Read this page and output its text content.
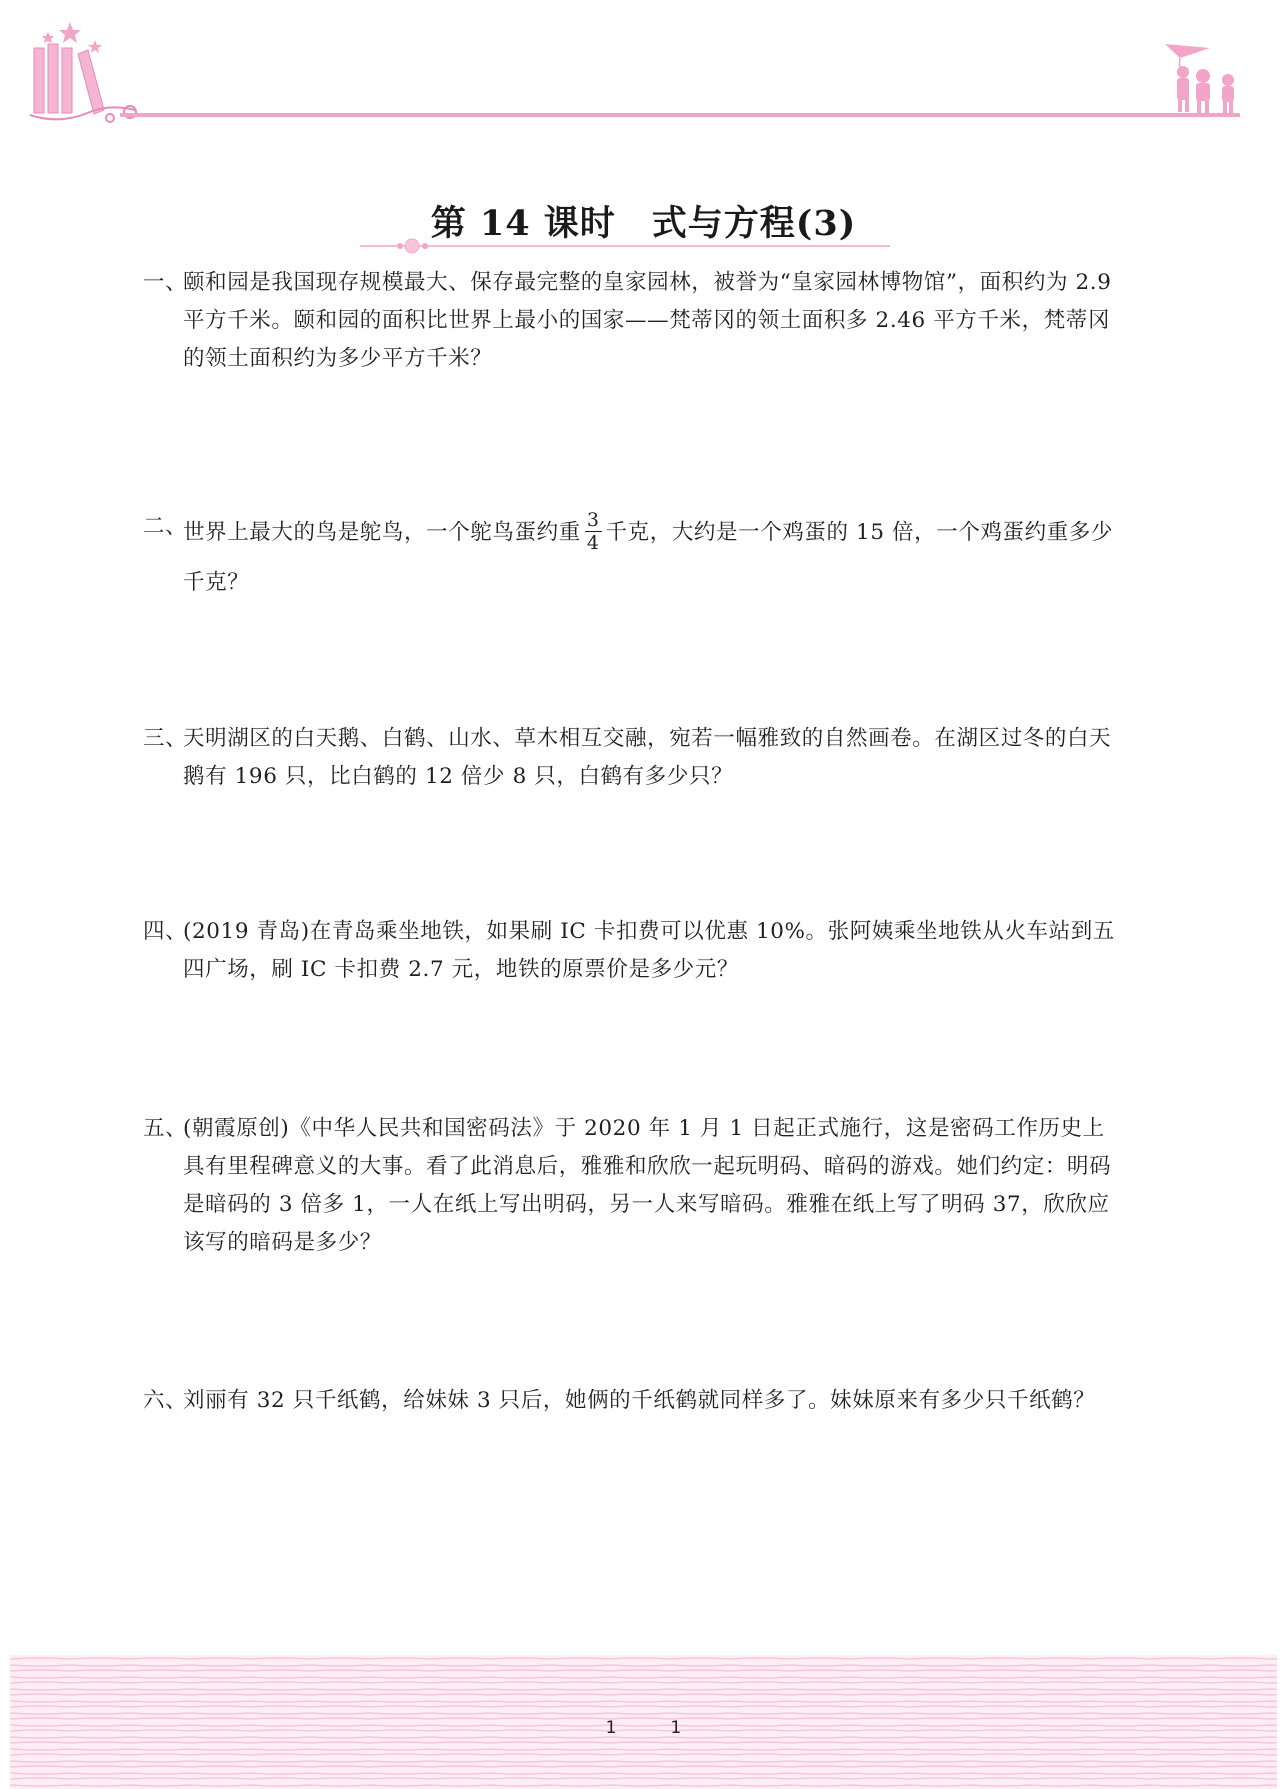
第 14 课时 式与方程(3)
一、
颐和园是我国现存规模最大、保存最完整的皇家园林，被誉为“皇家园林博物馆”，面积约为 2.9 平方千米。颐和园的面积比世界上最小的国家——梵蒂冈的领土面积多 2.46 平方千米，梵蒂冈的领土面积约为多少平方千米？
二、
世界上最大的鸟是鸵鸟，一个鸵鸟蛋约重 $\frac{3}{4}$ 千克，大约是一个鸡蛋的 15 倍，一个鸡蛋约重多少千克？
三、
天明湖区的白天鹅、白鹤、山水、草木相互交融，宛若一幅雅致的自然画卷。在湖区过冬的白天鹅有 196 只，比白鹤的 12 倍少 8 只，白鹤有多少只？
四、
(2019 青岛)在青岛乘坐地铁，如果刷 IC 卡扣费可以优惠 10%。张阿姨乘坐地铁从火车站到五四广场，刷 IC 卡扣费 2.7 元，地铁的原票价是多少元？
五、
(朝霞原创)《中华人民共和国密码法》于 2020 年 1 月 1 日起正式施行，这是密码工作历史上具有里程碑意义的大事。看了此消息后，雅雅和欣欣一起玩明码、暗码的游戏。她们约定：明码是暗码的 3 倍多 1，一人在纸上写出明码，另一人来写暗码。雅雅在纸上写了明码 37，欣欣应该写的暗码是多少？
六、
刘丽有 32 只千纸鹤，给妹妹 3 只后，她俩的千纸鹤就同样多了。妹妹原来有多少只千纸鹤？
1	1
